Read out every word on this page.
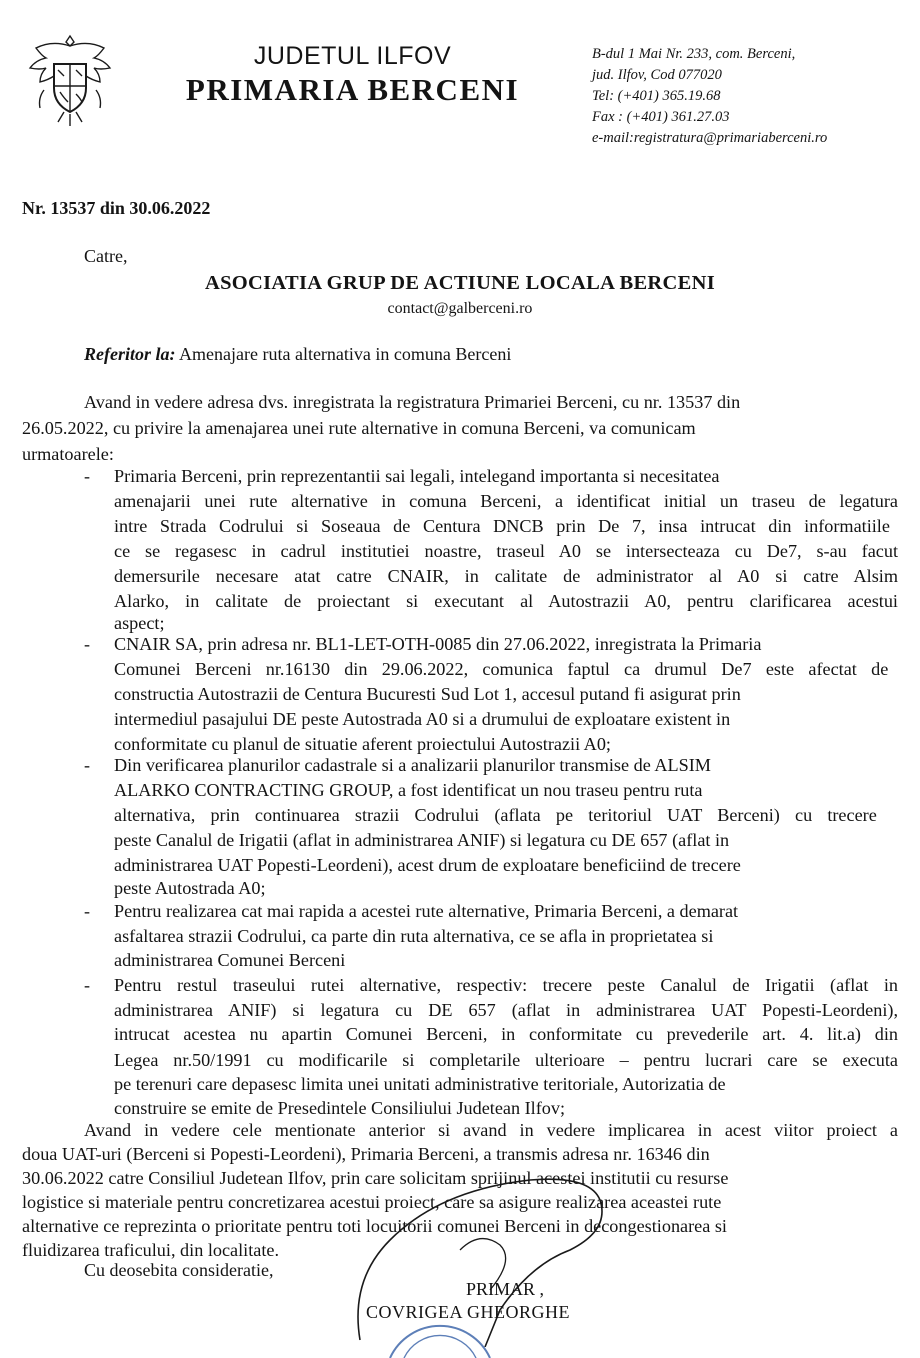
JUDETUL ILFOV
PRIMARIA BERCENI
B-dul 1 Mai Nr. 233, com. Berceni,
jud. Ilfov, Cod 077020
Tel: (+401) 365.19.68
Fax : (+401) 361.27.03
e-mail:registratura@primariaberceni.ro
Nr. 13537 din 30.06.2022
Catre,
ASOCIATIA GRUP DE ACTIUNE LOCALA BERCENI
contact@galberceni.ro
Referitor la: Amenajare ruta alternativa in comuna Berceni
Avand in vedere adresa dvs. inregistrata la registratura Primariei Berceni, cu nr. 13537 din
26.05.2022, cu privire la amenajarea unei rute alternative in comuna Berceni, va comunicam
urmatoarele:
Primaria Berceni, prin reprezentantii sai legali, intelegand importanta si necesitatea
amenajarii unei rute alternative in comuna Berceni, a identificat initial un traseu de legatura
intre Strada Codrului si Soseaua de Centura DNCB prin De 7, insa intrucat din informatiile
ce se regasesc in cadrul institutiei noastre, traseul A0 se intersecteaza cu De7, s-au facut
demersurile necesare atat catre CNAIR, in calitate de administrator al A0 si catre Alsim
Alarko, in calitate de proiectant si executant al Autostrazii A0, pentru clarificarea acestui
aspect;
CNAIR SA, prin adresa nr. BL1-LET-OTH-0085 din 27.06.2022, inregistrata la Primaria
Comunei Berceni nr.16130 din 29.06.2022, comunica faptul ca drumul De7 este afectat de
constructia Autostrazii de Centura Bucuresti Sud Lot 1, accesul putand fi asigurat prin
intermediul pasajului DE peste Autostrada A0 si a drumului de exploatare existent in
conformitate cu planul de situatie aferent proiectului Autostrazii A0;
Din verificarea planurilor cadastrale si a analizarii planurilor transmise de ALSIM
ALARKO CONTRACTING GROUP, a fost identificat un nou traseu pentru ruta
alternativa, prin continuarea strazii Codrului (aflata pe teritoriul UAT Berceni) cu trecere
peste Canalul de Irigatii (aflat in administrarea ANIF) si legatura cu DE 657 (aflat in
administrarea UAT Popesti-Leordeni), acest drum de exploatare beneficiind de trecere
peste Autostrada A0;
Pentru realizarea cat mai rapida a acestei rute alternative, Primaria Berceni, a demarat
asfaltarea strazii Codrului, ca parte din ruta alternativa, ce se afla in proprietatea si
administrarea Comunei Berceni
Pentru restul traseului rutei alternative, respectiv: trecere peste Canalul de Irigatii (aflat in
administrarea ANIF) si legatura cu DE 657 (aflat in administrarea UAT Popesti-Leordeni),
intrucat acestea nu apartin Comunei Berceni, in conformitate cu prevederile art. 4. lit.a) din
Legea nr.50/1991 cu modificarile si completarile ulterioare – pentru lucrari care se executa
pe terenuri care depasesc limita unei unitati administrative teritoriale, Autorizatia de
construire se emite de Presedintele Consiliului Judetean Ilfov;
Avand in vedere cele mentionate anterior si avand in vedere implicarea in acest viitor proiect a
doua UAT-uri (Berceni si Popesti-Leordeni), Primaria Berceni, a transmis adresa nr. 16346 din
30.06.2022 catre Consiliul Judetean Ilfov, prin care solicitam sprijinul acestei institutii cu resurse
logistice si materiale pentru concretizarea acestui proiect, care sa asigure realizarea aceastei rute
alternative ce reprezinta o prioritate pentru toti locuitorii comunei Berceni in decongestionarea si
fluidizarea traficului, din localitate.
-
-
-
-
-
Cu deosebita consideratie,
PRIMAR ,
COVRIGEA GHEORGHE
